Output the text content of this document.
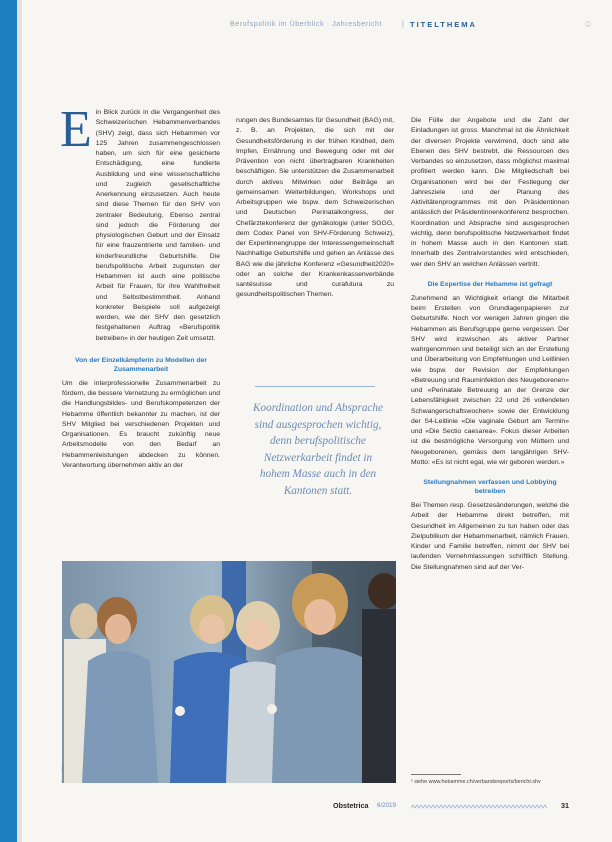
Berufspolitik im Überblick · Jahresbericht	| TITELTHEMA	©
E in Blick zurück in die Vergangenheit des Schweizerischen Hebammenverbandes (SHV) zeigt, dass sich Hebammen vor 125 Jahren zusammengeschlossen haben, um sich für eine gesicherte Entschädigung, eine fundierte Ausbildung und eine wissenschaftliche und zugleich gesellschaftliche Anerkennung einzusetzen. Auch heute sind diese Themen für den SHV von zentraler Bedeutung. Ebenso zentral sind jedoch die Förderung der physiologischen Geburt und der Einsatz für eine frauzentrierte und familien- und kinderfreundliche Geburtshilfe. Die berufspolitische Arbeit zugunsten der Hebammen ist auch eine politische Arbeit für Frauen, für ihre Wahlfreiheit und Selbstbestimmtheit. Anhand konkreter Beispiele soll aufgezeigt werden, wie der SHV den gesetzlich festgehaltenen Auftrag «Berufspolitik betreiben» in der heutigen Zeit umsetzt.

Von der Einzelkämpferin zu Modellen der Zusammenarbeit

Um die interprofessionelle Zusammenarbeit zu fördern, die bessere Vernetzung zu ermöglichen und die Handlungsbildes- und Berufskompetenzen der Hebamme öffentlich bekannter zu machen, ist der SHV Mitglied bei verschiedenen Projekten und Organisationen. Es braucht zukünftig neue Arbeitsmodelle von den Bedarf an Hebammenleistungen abdecken zu können. Verantwortung übernehmen aktiv an der

rungen des Bundesamtes für Gesundheit (BAG) mit, z. B. an Projekten, die sich mit der Gesundheitsförderung in der frühen Kindheit, dem Impfen, Ernährung und Bewegung oder mit der Prävention von nicht übertragbaren Krankheiten beschäftigen. Sie unterstützen die Zusammenarbeit durch aktives Mitwirken oder Beiträge an gemeinsamen Weiterbildungen, Workshops und Arbeitsgruppen wie bspw. dem Schweizerischen und Deutschen Perinatalkongress, der Chefärztekonferenz der gynäkologie (unter SGGG, dem Codex Panel von SHV-Förderung Schweiz), der Expertinnengruppe der Interessengemeinschaft Nachhaltige Geburtshilfe und gehen an Anlässe des BAG wie die jährliche Konferenz «Gesundheit2020» oder an solche der Krankenkassenverbände santésuisse und curafutura zu gesundheitspolitischen Themen.

Koordination und Absprache sind ausgesprochen wichtig, denn berufspolitische Netzwerkarbeit findet in hohem Masse auch in den Kantonen statt.

Die Fülle der Angebote und die Zahl der Einladungen ist gross. Manchmal ist die Ähnlichkeit der diversen Projekte verwirrend, doch sind alle Ebenen des SHV bestrebt, die Ressourcen des Verbandes so einzusetzen, dass möglichst maximal profitiert werden kann. Die Mitgliedschaft bei Organisationen wird bei der Festlegung der Jahresziele und der Planung des Aktivitätenprogrammes mit den Präsidentinnen anlässlich der Präsidentinnenkonferenz besprochen. Koordination und Absprache sind ausgesprochen wichtig, denn berufspolitische Netzwerkarbeit findet in hohem Masse auch in den Kantonen statt. Innerhalb des Zentralvorstandes wird entschieden, wer den SHV an welchen Anlässen vertritt.

Die Expertise der Hebamme ist gefragt

Zunehmend an Wichtigkeit erlangt die Mitarbeit beim Erstellen von Grundlagenpapieren zur Geburtshilfe. Noch vor wenigen Jahren gingen die Hebammen als Berufsgruppe gerne vergessen. Der SHV wird inzwischen als aktiver Partner wahrgenommen und beteiligt sich an der Erstellung und Überarbeitung von Empfehlungen und Leitlinien wie bspw. der Revision der Empfehlungen «Betreuung und Rauminfektion des Neugeborenen» und «Perinatale Betreuung an der Grenze der Lebensfähigkeit zwischen 22 und 26 vollendeten Schwangerschaftswochen» sowie der Entwicklung der S4-Leitlinie «Die vaginale Geburt am Termin» und «Die Sectio caesarea». Fokus dieser Arbeiten ist die bestmögliche Versorgung von Müttern und Neugeborenen, gemäss dem langjährigen SHV-Motto: «Es ist nicht egal, wie wir geboren werden.»

Stellungnahmen verfassen und Lobbying betreiben

Bei Themen resp. Gesetzesänderungen, welche die Arbeit der Hebamme direkt betreffen, mit Gesundheit im Allgemeinen zu tun haben oder das Zielpublikum der Hebammenarbeit, nämlich Frauen, Kinder und Familie betreffen, nimmt der SHV bei laufenden Vernehmlassungen schriftlich Stellung. Die Stellungnahmen sind auf der Ver-

Foto: SHV	¹ siehe www.hebamme.ch/verbandsreports/bericht.shv
Obstetrica 6/2019	31
